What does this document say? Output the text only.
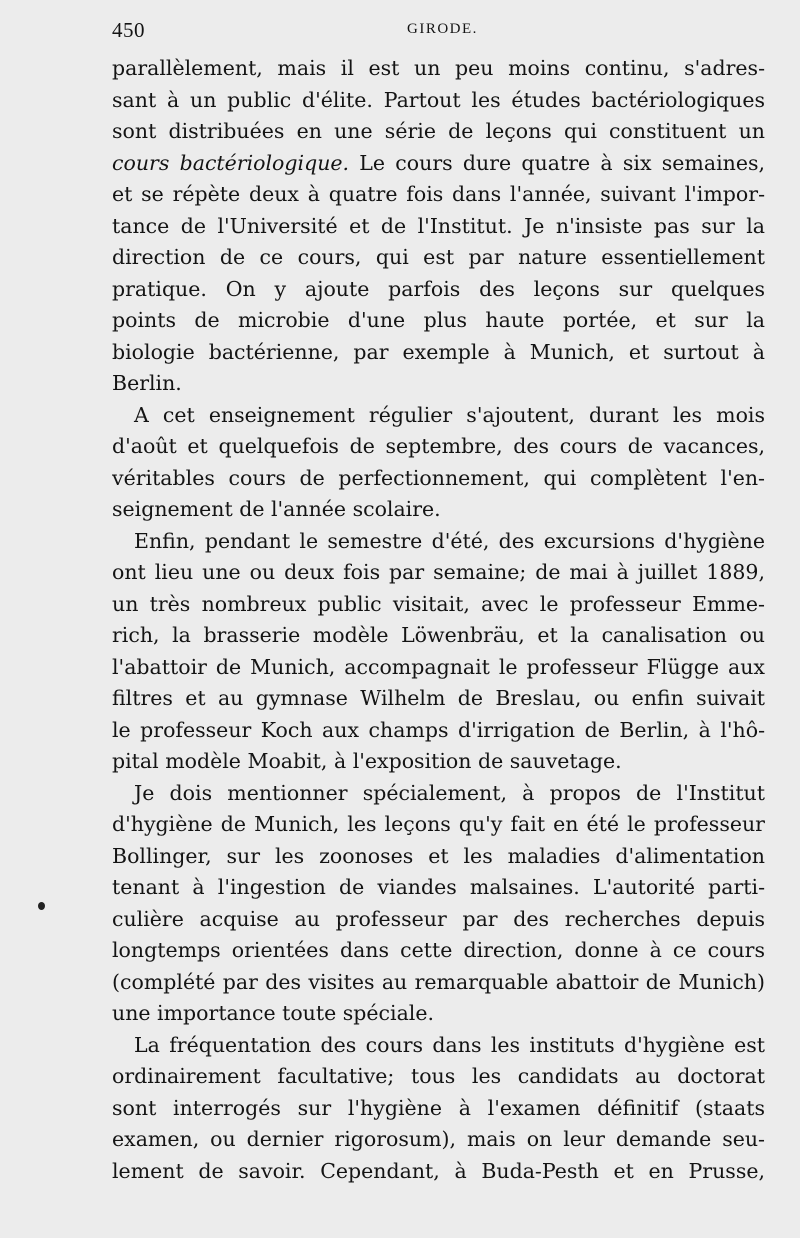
450	GIRODE.
parallèlement, mais il est un peu moins continu, s'adres-
sant à un public d'élite. Partout les études bactériologiques
sont distribuées en une série de leçons qui constituent un
cours bactériologique. Le cours dure quatre à six semaines,
et se répète deux à quatre fois dans l'année, suivant l'impor-
tance de l'Université et de l'Institut. Je n'insiste pas sur la
direction de ce cours, qui est par nature essentiellement
pratique. On y ajoute parfois des leçons sur quelques
points de microbie d'une plus haute portée, et sur la
biologie bactérienne, par exemple à Munich, et surtout à
Berlin.
A cet enseignement régulier s'ajoutent, durant les mois
d'août et quelquefois de septembre, des cours de vacances,
véritables cours de perfectionnement, qui complètent l'en-
seignement de l'année scolaire.
Enfin, pendant le semestre d'été, des excursions d'hygiène
ont lieu une ou deux fois par semaine; de mai à juillet 1889,
un très nombreux public visitait, avec le professeur Emme-
rich, la brasserie modèle Löwenbräu, et la canalisation ou
l'abattoir de Munich, accompagnait le professeur Flügge aux
filtres et au gymnase Wilhelm de Breslau, ou enfin suivait
le professeur Koch aux champs d'irrigation de Berlin, à l'hô-
pital modèle Moabit, à l'exposition de sauvetage.
Je dois mentionner spécialement, à propos de l'Institut
d'hygiène de Munich, les leçons qu'y fait en été le professeur
Bollinger, sur les zoonoses et les maladies d'alimentation
tenant à l'ingestion de viandes malsaines. L'autorité parti-
culière acquise au professeur par des recherches depuis
longtemps orientées dans cette direction, donne à ce cours
(complété par des visites au remarquable abattoir de Munich)
une importance toute spéciale.
La fréquentation des cours dans les instituts d'hygiène est
ordinairement facultative; tous les candidats au doctorat
sont interrogés sur l'hygiène à l'examen définitif (staats
examen, ou dernier rigorosum), mais on leur demande seu-
lement de savoir. Cependant, à Buda-Pesth et en Prusse,
